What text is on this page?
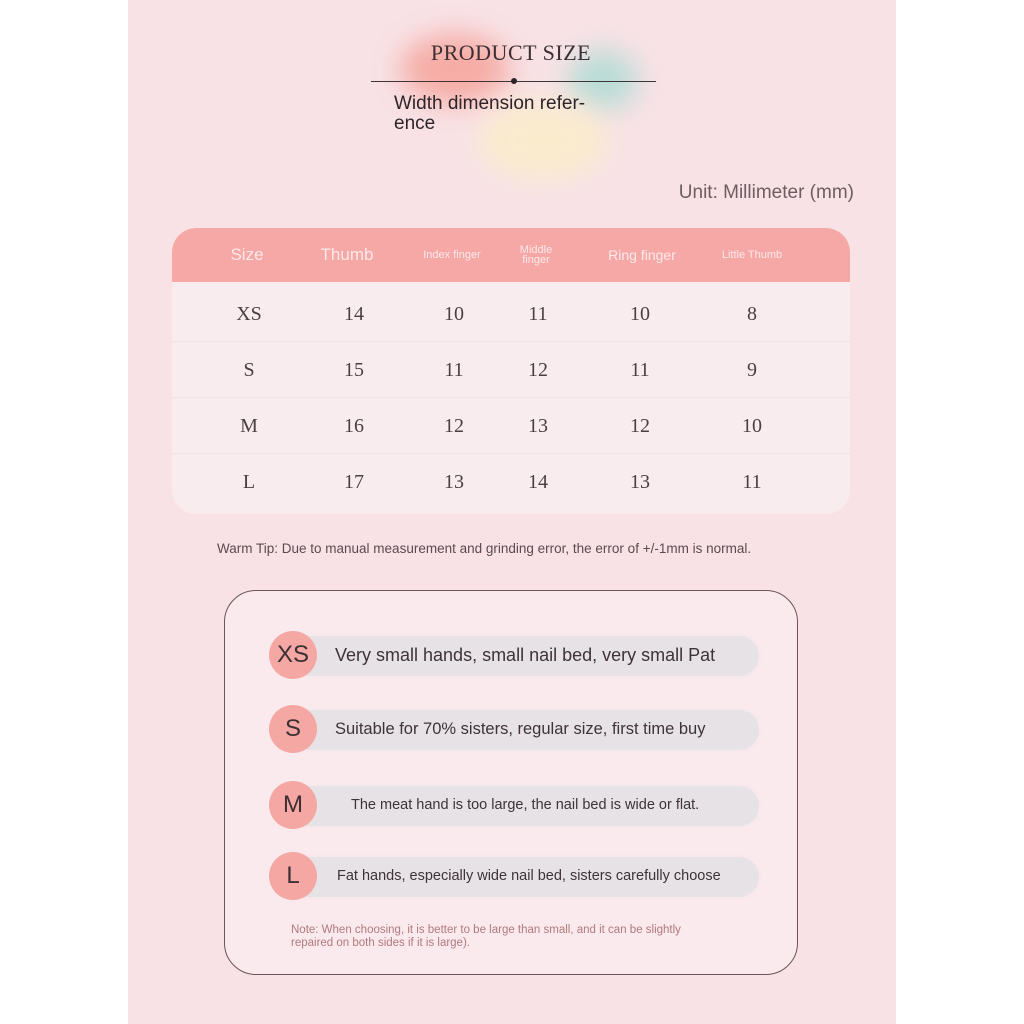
PRODUCT SIZE
Width dimension refer-
ence
Unit: Millimeter (mm)
Size	Thumb	Index finger	Middle finger	Ring finger	Little Thumb
XS	14	10	11	10	8
S	15	11	12	11	9
M	16	12	13	12	10
L	17	13	14	13	11
Warm Tip: Due to manual measurement and grinding error, the error of +/-1mm is normal.
XS	Very small hands, small nail bed, very small Pat
S	Suitable for 70% sisters, regular size, first time buy
M	The meat hand is too large, the nail bed is wide or flat.
L	Fat hands, especially wide nail bed, sisters carefully choose
Note: When choosing, it is better to be large than small, and it can be slightly
repaired on both sides if it is large).
